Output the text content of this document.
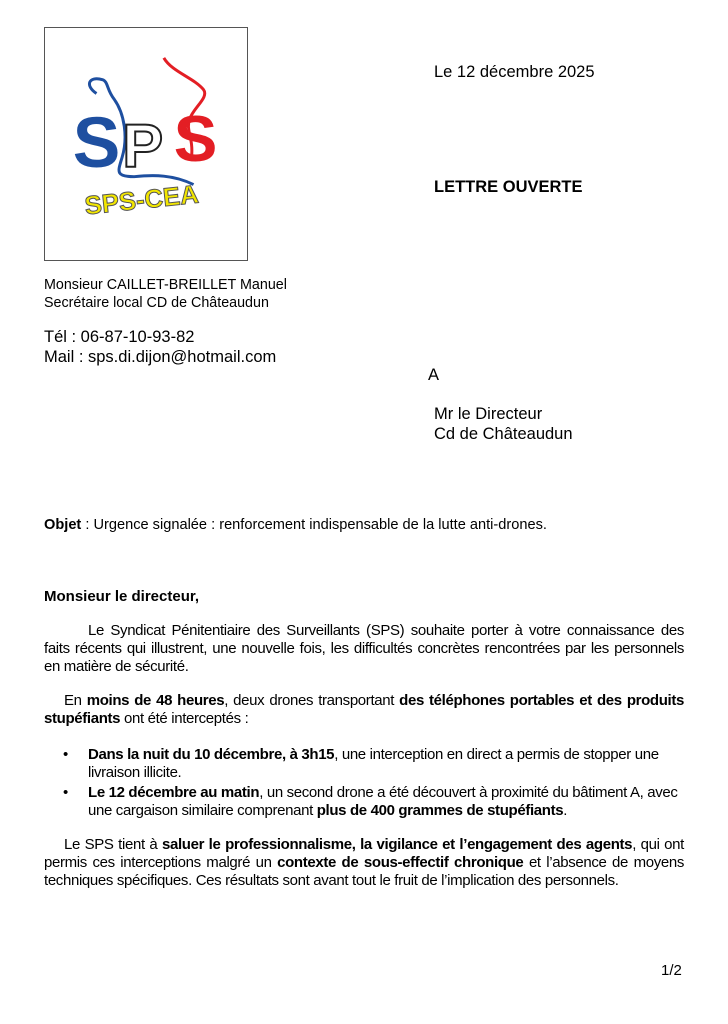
S P S
SPS-CEA
Monsieur CAILLET-BREILLET Manuel
Secrétaire local CD de Châteaudun
Tél : 06-87-10-93-82
Mail : sps.di.dijon@hotmail.com
Le 12 décembre 2025
LETTRE OUVERTE
A
Mr le Directeur
Cd de Châteaudun
Objet : Urgence signalée : renforcement indispensable de la lutte anti-drones.
Monsieur le directeur,
Le Syndicat Pénitentiaire des Surveillants (SPS) souhaite porter à votre connaissance des faits récents qui illustrent, une nouvelle fois, les difficultés concrètes rencontrées par les personnels en matière de sécurité.
En moins de 48 heures, deux drones transportant des téléphones portables et des produits stupéfiants ont été interceptés :
• Dans la nuit du 10 décembre, à 3h15, une interception en direct a permis de stopper une livraison illicite.
• Le 12 décembre au matin, un second drone a été découvert à proximité du bâtiment A, avec une cargaison similaire comprenant plus de 400 grammes de stupéfiants.
Le SPS tient à saluer le professionnalisme, la vigilance et l’engagement des agents, qui ont permis ces interceptions malgré un contexte de sous-effectif chronique et l’absence de moyens techniques spécifiques. Ces résultats sont avant tout le fruit de l’implication des personnels.
1/2
